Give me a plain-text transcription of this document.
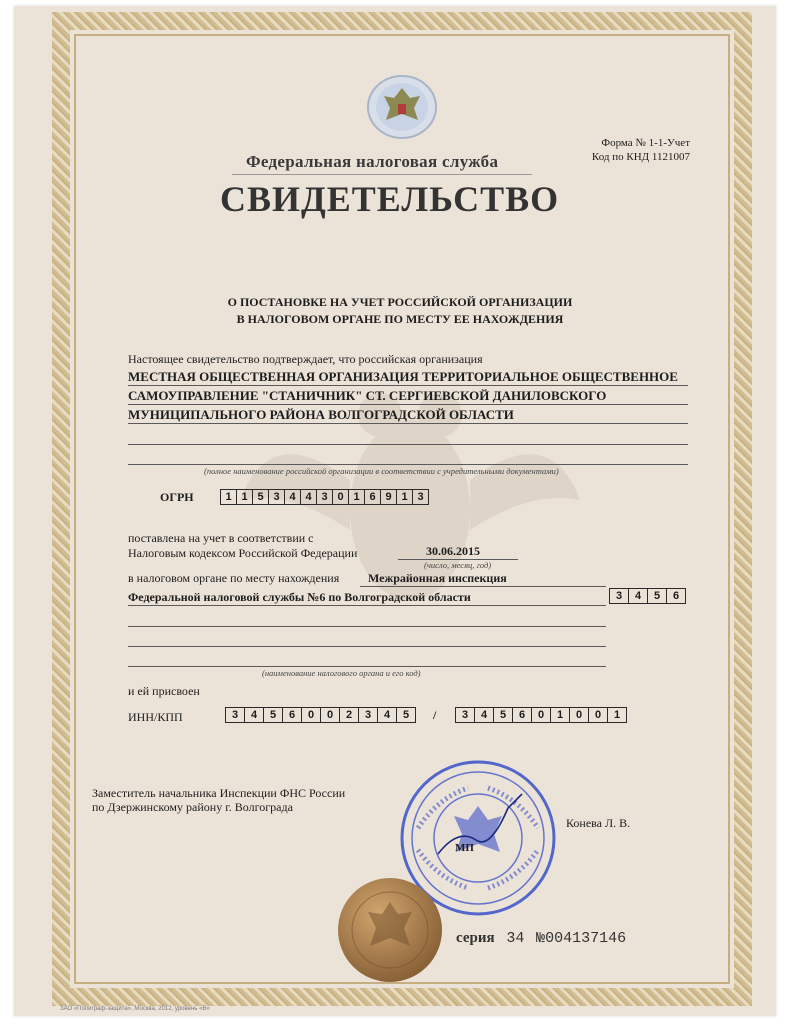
Форма № 1-1-Учет
Код по КНД 1121007
Федеральная налоговая служба
СВИДЕТЕЛЬСТВО
О ПОСТАНОВКЕ НА УЧЕТ РОССИЙСКОЙ ОРГАНИЗАЦИИ
В НАЛОГОВОМ ОРГАНЕ ПО МЕСТУ ЕЕ НАХОЖДЕНИЯ
Настоящее свидетельство подтверждает, что российская организация
МЕСТНАЯ ОБЩЕСТВЕННАЯ ОРГАНИЗАЦИЯ ТЕРРИТОРИАЛЬНОЕ ОБЩЕСТВЕННОЕ
САМОУПРАВЛЕНИЕ "СТАНИЧНИК" СТ. СЕРГИЕВСКОЙ ДАНИЛОВСКОГО
МУНИЦИПАЛЬНОГО РАЙОНА ВОЛГОГРАДСКОЙ ОБЛАСТИ
(полное наименование российской организации в соответствии с учредительными документами)
ОГРН	1 1 5 3 4 4 3 0 1 6 9 1 3
поставлена на учет в соответствии с
Налоговым кодексом Российской Федерации	30.06.2015
(число, месяц, год)
в налоговом органе по месту нахождения Межрайонная инспекция
Федеральной налоговой службы №6 по Волгоградской области	3	4	5	6
(наименование налогового органа и его код)
и ей присвоен
ИНН/КПП	3	4	5	6	0	0	2	3	4	5	/	3	4	5	6	0	1	0	0	1
Заместитель начальника Инспекции ФНС России
по Дзержинскому району г. Волгограда
Конева Л. В.
МП
серия 34 №004137146
ЗАО «Полиграф-защита», Москва, 2012, уровень «В»
